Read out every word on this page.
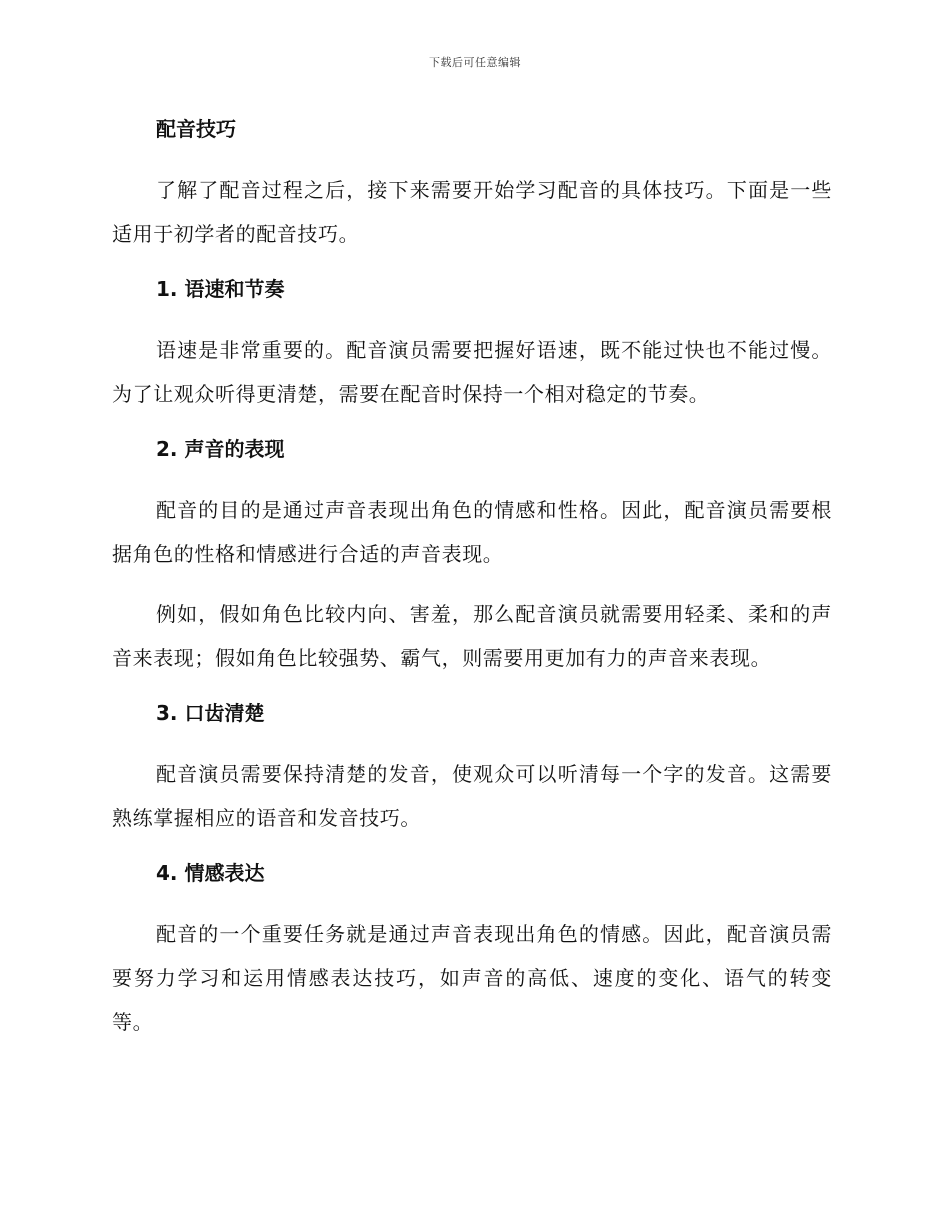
下载后可任意编辑
配音技巧

了解了配音过程之后，接下来需要开始学习配音的具体技巧。下面是一些适用于初学者的配音技巧。

1. 语速和节奏

语速是非常重要的。配音演员需要把握好语速，既不能过快也不能过慢。为了让观众听得更清楚，需要在配音时保持一个相对稳定的节奏。

2. 声音的表现

配音的目的是通过声音表现出角色的情感和性格。因此，配音演员需要根据角色的性格和情感进行合适的声音表现。

例如，假如角色比较内向、害羞，那么配音演员就需要用轻柔、柔和的声音来表现；假如角色比较强势、霸气，则需要用更加有力的声音来表现。

3. 口齿清楚

配音演员需要保持清楚的发音，使观众可以听清每一个字的发音。这需要熟练掌握相应的语音和发音技巧。

4. 情感表达

配音的一个重要任务就是通过声音表现出角色的情感。因此，配音演员需要努力学习和运用情感表达技巧，如声音的高低、速度的变化、语气的转变等。
